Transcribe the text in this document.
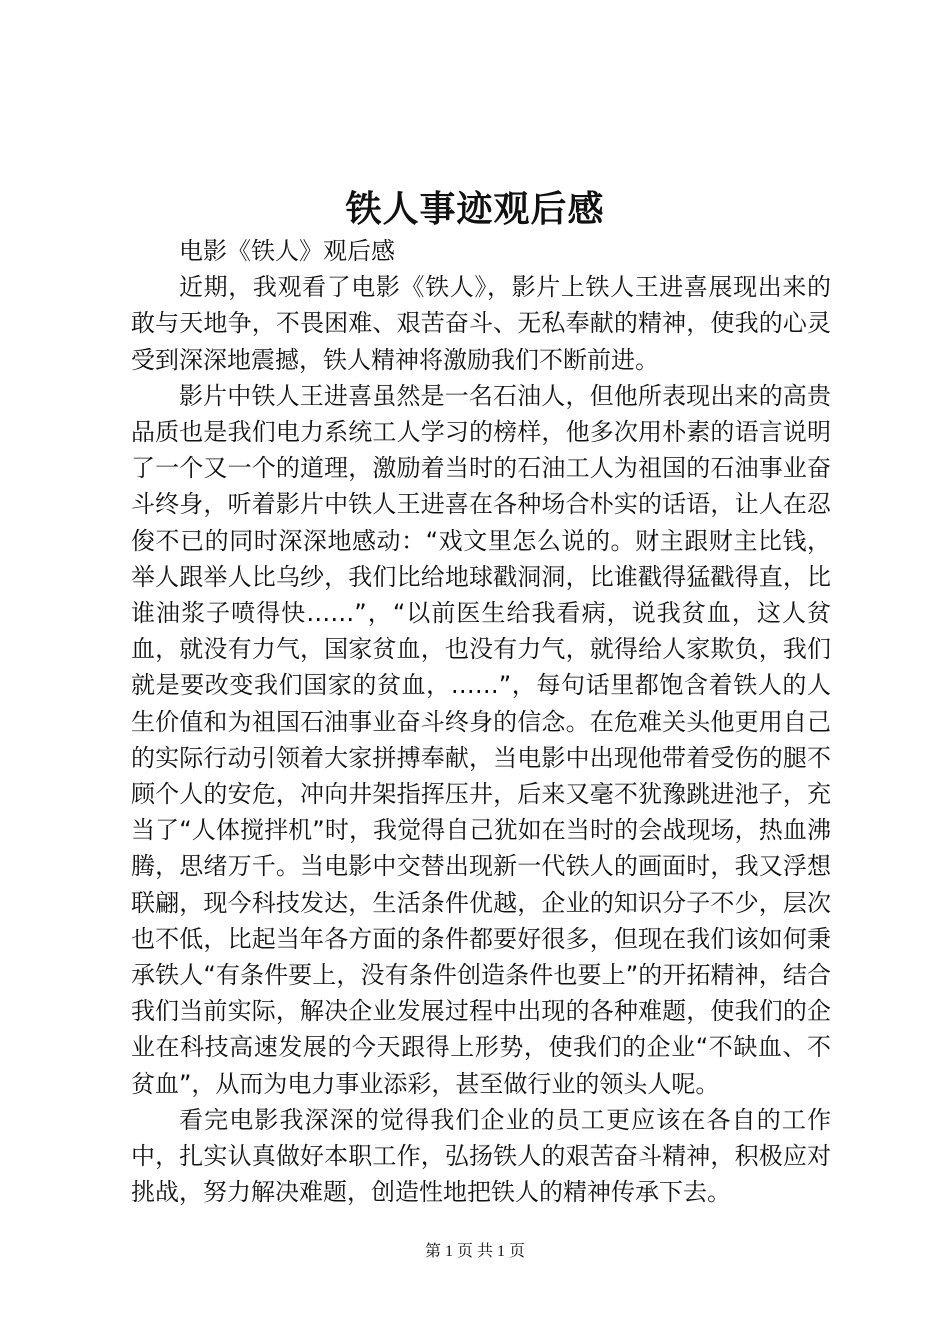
铁人事迹观后感

电影《铁人》观后感

近期，我观看了电影《铁人》，影片上铁人王进喜展现出来的敢与天地争，不畏困难、艰苦奋斗、无私奉献的精神，使我的心灵受到深深地震撼，铁人精神将激励我们不断前进。

影片中铁人王进喜虽然是一名石油人，但他所表现出来的高贵品质也是我们电力系统工人学习的榜样，他多次用朴素的语言说明了一个又一个的道理，激励着当时的石油工人为祖国的石油事业奋斗终身，听着影片中铁人王进喜在各种场合朴实的话语，让人在忍俊不已的同时深深地感动：“戏文里怎么说的。财主跟财主比钱，举人跟举人比乌纱，我们比给地球戳洞洞，比谁戳得猛戳得直，比谁油浆子喷得快……”，“以前医生给我看病，说我贫血，这人贫血，就没有力气，国家贫血，也没有力气，就得给人家欺负，我们就是要改变我们国家的贫血，……”，每句话里都饱含着铁人的人生价值和为祖国石油事业奋斗终身的信念。在危难关头他更用自己的实际行动引领着大家拼搏奉献，当电影中出现他带着受伤的腿不顾个人的安危，冲向井架指挥压井，后来又毫不犹豫跳进池子，充当了“人体搅拌机”时，我觉得自己犹如在当时的会战现场，热血沸腾，思绪万千。当电影中交替出现新一代铁人的画面时，我又浮想联翩，现今科技发达，生活条件优越，企业的知识分子不少，层次也不低，比起当年各方面的条件都要好很多，但现在我们该如何秉承铁人“有条件要上，没有条件创造条件也要上”的开拓精神，结合我们当前实际，解决企业发展过程中出现的各种难题，使我们的企业在科技高速发展的今天跟得上形势，使我们的企业“不缺血、不贫血”，从而为电力事业添彩，甚至做行业的领头人呢。

看完电影我深深的觉得我们企业的员工更应该在各自的工作中，扎实认真做好本职工作，弘扬铁人的艰苦奋斗精神，积极应对挑战，努力解决难题，创造性地把铁人的精神传承下去。

第 1 页 共 1 页
